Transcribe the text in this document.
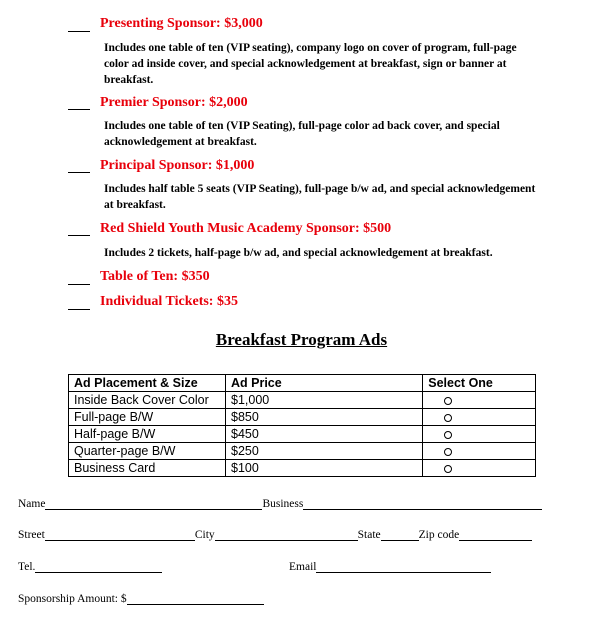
Presenting Sponsor: $3,000
Includes one table of ten (VIP seating), company logo on cover of program, full-page color ad inside cover, and special acknowledgement at breakfast, sign or banner at breakfast.
Premier Sponsor: $2,000
Includes one table of ten (VIP Seating), full-page color ad back cover, and special acknowledgement at breakfast.
Principal Sponsor: $1,000
Includes half table 5 seats (VIP Seating), full-page b/w ad, and special acknowledgement at breakfast.
Red Shield Youth Music Academy Sponsor: $500
Includes 2 tickets, half-page b/w ad, and special acknowledgement at breakfast.
Table of Ten: $350
Individual Tickets: $35
Breakfast Program Ads
Ad Placement & Size	Ad Price	Select One
Inside Back Cover Color	$1,000	
Full-page B/W	$850	
Half-page B/W	$450	
Quarter-page B/W	$250	
Business Card	$100	
Name	Business
Street	City	State	Zip code
Tel.	Email
Sponsorship Amount: $
